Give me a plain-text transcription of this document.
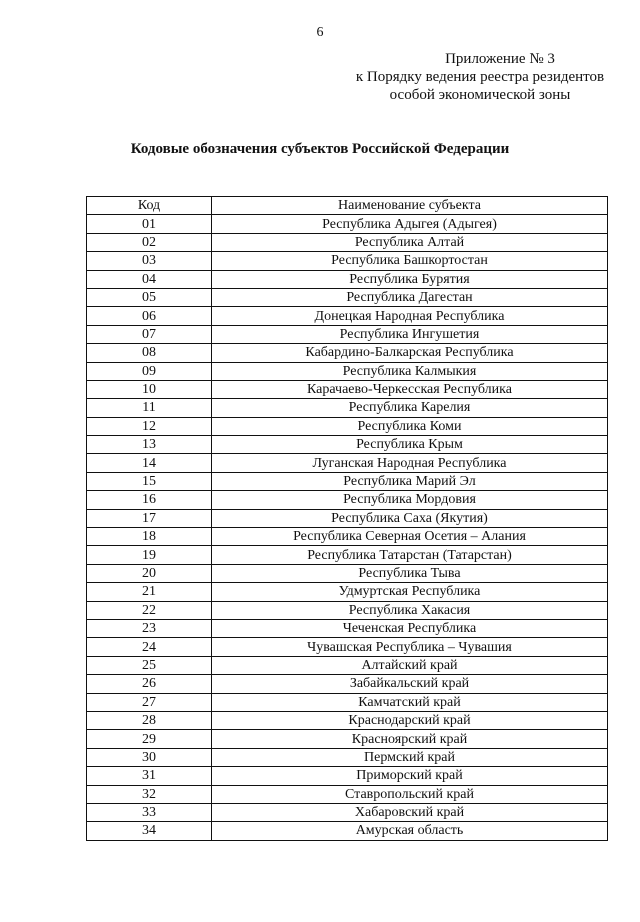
6
Приложение № 3
к Порядку ведения реестра резидентов
особой экономической зоны
Кодовые обозначения субъектов Российской Федерации
Код	Наименование субъекта
01	Республика Адыгея (Адыгея)
02	Республика Алтай
03	Республика Башкортостан
04	Республика Бурятия
05	Республика Дагестан
06	Донецкая Народная Республика
07	Республика Ингушетия
08	Кабардино-Балкарская Республика
09	Республика Калмыкия
10	Карачаево-Черкесская Республика
11	Республика Карелия
12	Республика Коми
13	Республика Крым
14	Луганская Народная Республика
15	Республика Марий Эл
16	Республика Мордовия
17	Республика Саха (Якутия)
18	Республика Северная Осетия – Алания
19	Республика Татарстан (Татарстан)
20	Республика Тыва
21	Удмуртская Республика
22	Республика Хакасия
23	Чеченская Республика
24	Чувашская Республика – Чувашия
25	Алтайский край
26	Забайкальский край
27	Камчатский край
28	Краснодарский край
29	Красноярский край
30	Пермский край
31	Приморский край
32	Ставропольский край
33	Хабаровский край
34	Амурская область
